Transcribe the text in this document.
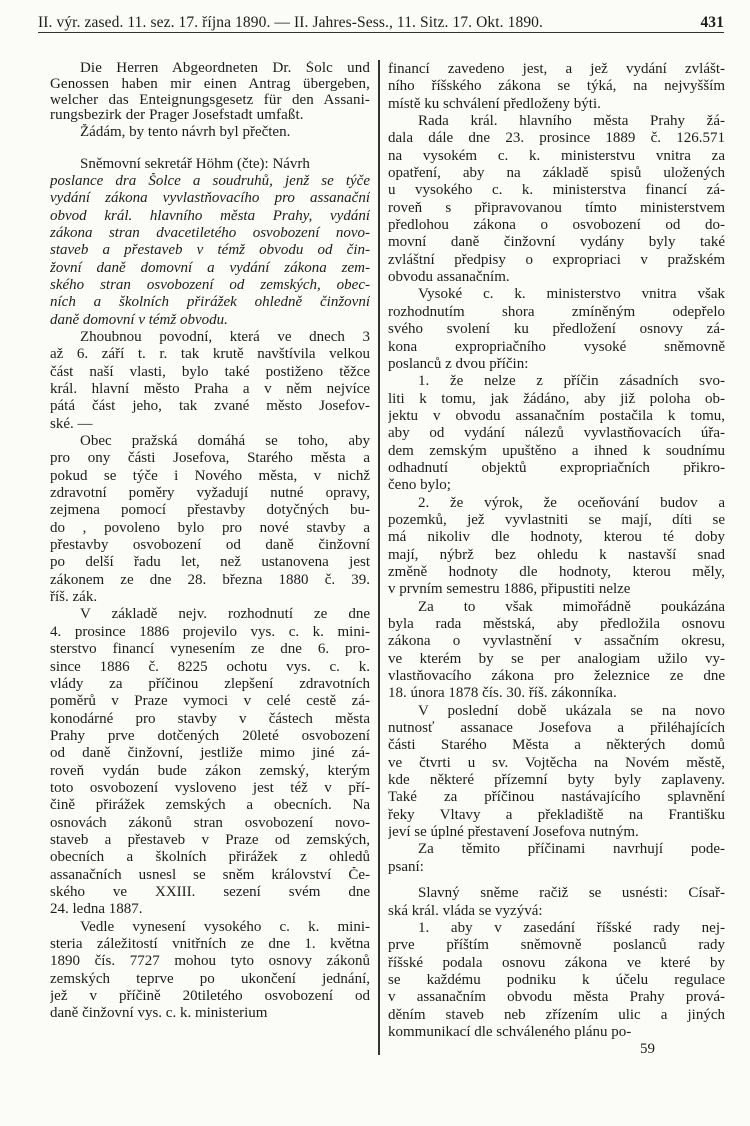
II. výr. zased. 11. sez. 17. října 1890. — II. Jahres-Sess., 11. Sitz. 17. Okt. 1890.	431
Die Herren Abgeordneten Dr. Šolc und
Genossen haben mir einen Antrag übergeben,
welcher das Enteignungsgesetz für den Assani-
rungsbezirk der Prager Josefstadt umfaßt.
Žádám, by tento návrh byl přečten.
Sněmovní sekretář Höhm (čte): Návrh
poslance dra Šolce a soudruhů, jenž se týče
vydání zákona vyvlastňovacího pro assanační
obvod král. hlavního města Prahy, vydání
zákona stran dvacetiletého osvobození novo-
staveb a přestaveb v témž obvodu od čin-
žovní daně domovní a vydání zákona zem-
ského stran osvobození od zemských, obec-
ních a školních přirážek ohledně činžovní
daně domovní v témž obvodu.
Zhoubnou povodní, která ve dnech 3
až 6. září t. r. tak krutě navštívila velkou
část naší vlasti, bylo také postiženo těžce
král. hlavní město Praha a v něm nejvíce
pátá část jeho, tak zvané město Josefov-
ské. —
Obec pražská domáhá se toho, aby
pro ony části Josefova, Starého města a
pokud se týče i Nového města, v nichž
zdravotní poměry vyžadují nutné opravy,
zejmena pomocí přestavby dotyčných bu-
do , povoleno bylo pro nové stavby a
přestavby osvobození od daně činžovní
po delší řadu let, než ustanovena jest
zákonem ze dne 28. března 1880 č. 39.
říš. zák.
V základě nejv. rozhodnutí ze dne
4. prosince 1886 projevilo vys. c. k. mini-
sterstvo financí vynesením ze dne 6. pro-
since 1886 č. 8225 ochotu vys. c. k.
vlády za příčinou zlepšení zdravotních
poměrů v Praze vymoci v celé cestě zá-
konodárné pro stavby v částech města
Prahy prve dotčených 20leté osvobození
od daně činžovní, jestliže mimo jiné zá-
roveň vydán bude zákon zemský, kterým
toto osvobození vysloveno jest též v pří-
čině přirážek zemských a obecních. Na
osnovách zákonů stran osvobození novo-
staveb a přestaveb v Praze od zemských,
obecních a školních přirážek z ohledů
assanačních usnesl se sněm království Če-
ského ve XXIII. sezení svém dne
24. ledna 1887.
Vedle vynesení vysokého c. k. mini-
steria záležitostí vnitřních ze dne 1. května
1890 čís. 7727 mohou tyto osnovy zákonů
zemských teprve po ukončení jednání,
jež v příčině 20tiletého osvobození od
daně činžovní vys. c. k. ministerium
financí zavedeno jest, a jež vydání zvlášt-
ního říšského zákona se týká, na nejvyšším
místě ku schválení předloženy býti.
Rada král. hlavního města Prahy žá-
dala dále dne 23. prosince 1889 č. 126.571
na vysokém c. k. ministerstvu vnitra za
opatření, aby na základě spisů uložených
u vysokého c. k. ministerstva financí zá-
roveň s připravovanou tímto ministerstvem
předlohou zákona o osvobození od do-
movní daně činžovní vydány byly také
zvláštní předpisy o expropriaci v pražském
obvodu assanačním.
Vysoké c. k. ministerstvo vnitra však
rozhodnutím shora zmíněným odepřelo
svého svolení ku předložení osnovy zá-
kona expropriačního vysoké sněmovně
poslanců z dvou příčin:
1. že nelze z příčin zásadních svo-
liti k tomu, jak žádáno, aby již poloha ob-
jektu v obvodu assanačním postačila k tomu,
aby od vydání nálezů vyvlastňovacích úřa-
dem zemským upuštěno a ihned k soudnímu
odhadnutí objektů expropriačních přikro-
čeno bylo;
2. že výrok, že oceňování budov a
pozemků, jež vyvlastniti se mají, díti se
má nikoliv dle hodnoty, kterou té doby
mají, nýbrž bez ohledu k nastavší snad
změně hodnoty dle hodnoty, kterou měly,
v prvním semestru 1886, připustiti nelze
Za to však mimořádně poukázána
byla rada městská, aby předložila osnovu
zákona o vyvlastnění v assačním okresu,
ve kterém by se per analogiam užilo vy-
vlastňovacího zákona pro železnice ze dne
18. února 1878 čís. 30. říš. zákonníka.
V poslední době ukázala se na novo
nutnosť assanace Josefova a přiléhajících
části Starého Města a některých domů
ve čtvrti u sv. Vojtěcha na Novém městě,
kde některé přízemní byty byly zaplaveny.
Také za příčinou nastávajícího splavnění
řeky Vltavy a překladiště na Františku
jeví se úplné přestavení Josefova nutným.
Za těmito příčinami navrhují pode-
psaní:
Slavný sněme račiž se usnésti: Císař-
ská král. vláda se vyzývá:
1. aby v zasedání říšské rady nej-
prve příštím sněmovně poslanců rady
říšské podala osnovu zákona ve které by
se každému podniku k účelu regulace
v assanačním obvodu města Prahy prová-
děním staveb neb zřízením ulic a jiných
kommunikací dle schváleného plánu po-
59
